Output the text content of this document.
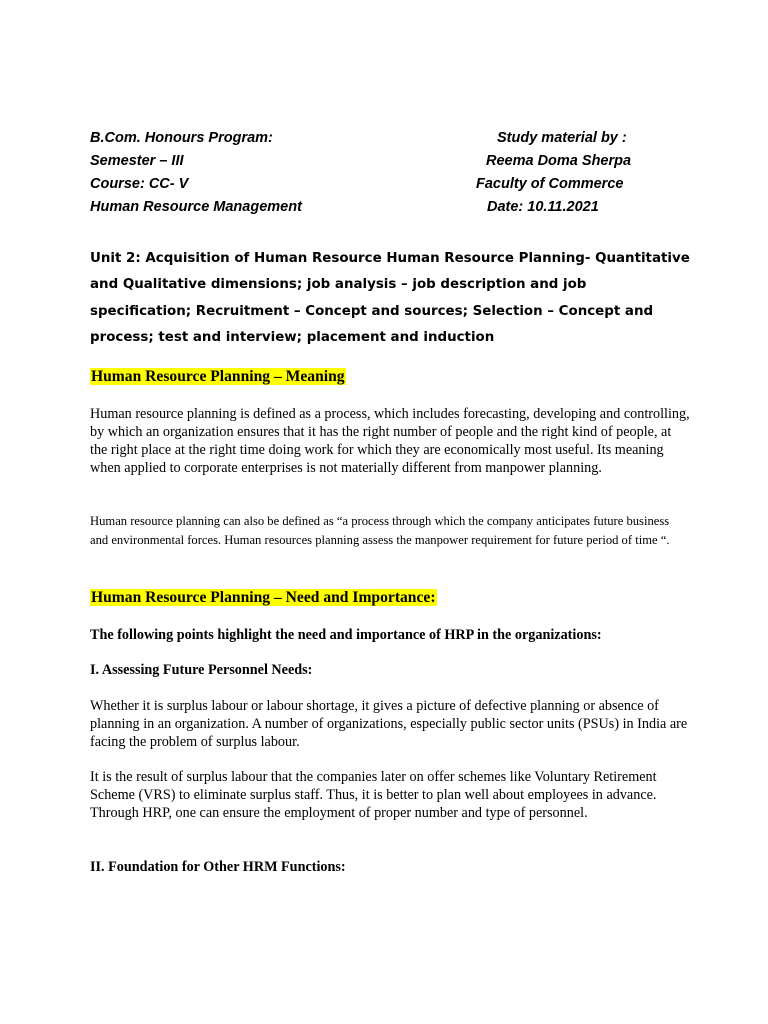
B.Com. Honours Program:
Semester – III
Course: CC- V
Human Resource Management
Study material by :
Reema Doma Sherpa
Faculty of Commerce
Date: 10.11.2021
Unit 2: Acquisition of Human Resource Human Resource Planning- Quantitative and Qualitative dimensions; job analysis – job description and job specification; Recruitment – Concept and sources; Selection – Concept and process; test and interview; placement and induction
Human Resource Planning – Meaning
Human resource planning is defined as a process, which includes forecasting, developing and controlling, by which an organization ensures that it has the right number of people and the right kind of people, at the right place at the right time doing work for which they are economically most useful. Its meaning when applied to corporate enterprises is not materially different from manpower planning.
Human resource planning can also be defined as “a process through which the company anticipates future business and environmental forces. Human resources planning assess the manpower requirement for future period of time “.
Human Resource Planning – Need and Importance:
The following points highlight the need and importance of HRP in the organizations:
I. Assessing Future Personnel Needs:
Whether it is surplus labour or labour shortage, it gives a picture of defective planning or absence of planning in an organization. A number of organizations, especially public sector units (PSUs) in India are facing the problem of surplus labour.
It is the result of surplus labour that the companies later on offer schemes like Voluntary Retirement Scheme (VRS) to eliminate surplus staff. Thus, it is better to plan well about employees in advance. Through HRP, one can ensure the employment of proper number and type of personnel.
II. Foundation for Other HRM Functions:
